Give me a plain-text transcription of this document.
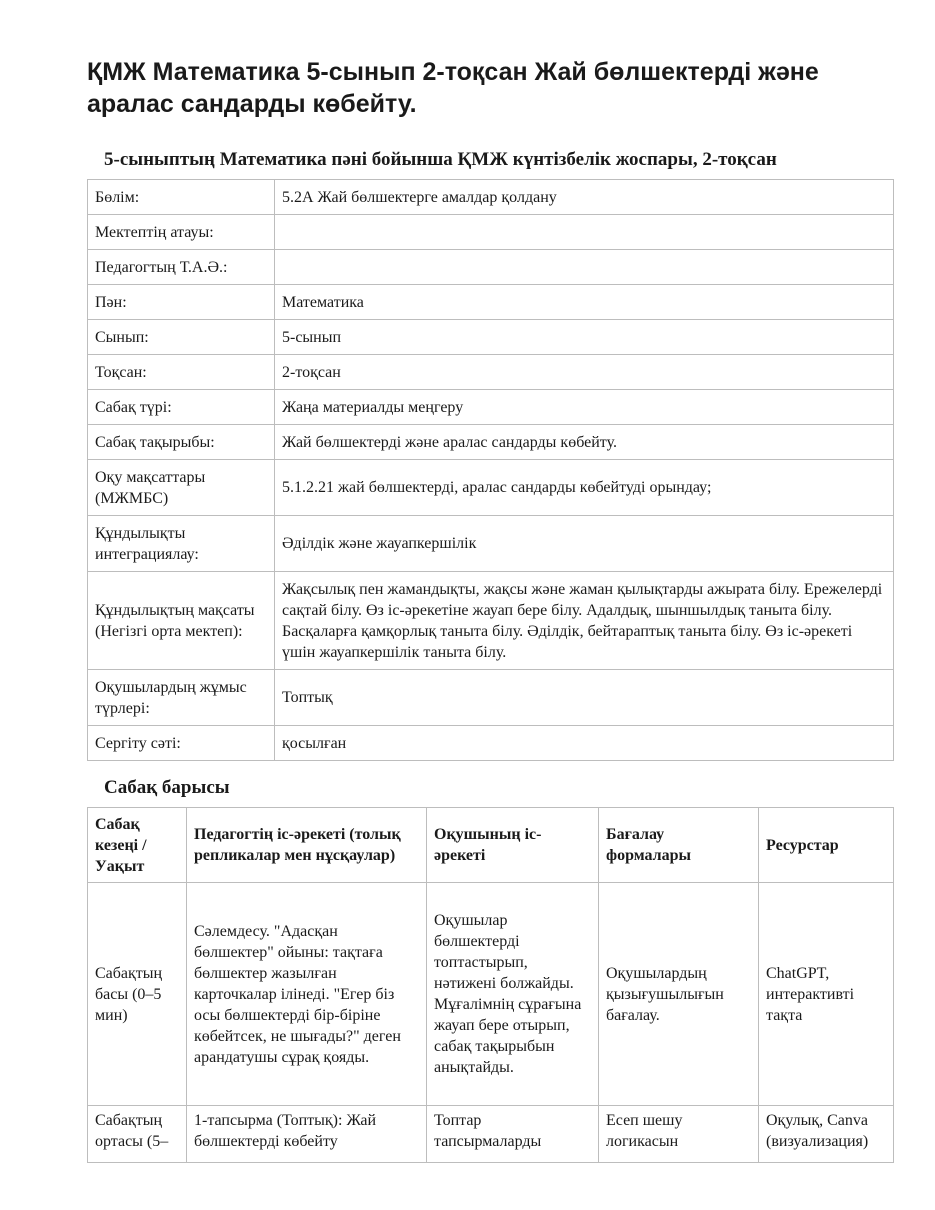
ҚМЖ Математика 5-сынып 2-тоқсан Жай бөлшектерді және аралас сандарды көбейту.
5-сыныптың Математика пәні бойынша ҚМЖ күнтізбелік жоспары, 2-тоқсан
Бөлім:	5.2А Жай бөлшектерге амалдар қолдану
Мектептің атауы:	
Педагогтың Т.А.Ә.:	
Пән:	Математика
Сынып:	5-сынып
Тоқсан:	2-тоқсан
Сабақ түрі:	Жаңа материалды меңгеру
Сабақ тақырыбы:	Жай бөлшектерді және аралас сандарды көбейту.
Оқу мақсаттары (МЖМБС)	5.1.2.21 жай бөлшектерді, аралас сандарды көбейтуді орындау;
Құндылықты интеграциялау:	Әділдік және жауапкершілік
Құндылықтың мақсаты (Негізгі орта мектеп):	Жақсылық пен жамандықты, жақсы және жаман қылықтарды ажырата білу. Ережелерді сақтай білу. Өз іс-әрекетіне жауап бере білу. Адалдық, шыншылдық таныта білу. Басқаларға қамқорлық таныта білу. Әділдік, бейтараптық таныта білу. Өз іс-әрекеті үшін жауапкершілік таныта білу.
Оқушылардың жұмыс түрлері:	Топтық
Сергіту сәті:	қосылған
Сабақ барысы
Сабақ кезеңі / Уақыт	Педагогтің іс-әрекеті (толық репликалар мен нұсқаулар)	Оқушының іс-әрекеті	Бағалау формалары	Ресурстар
Сабақтың басы (0–5 мин)	Сәлемдесу. "Адасқан бөлшектер" ойыны: тақтаға бөлшектер жазылған карточкалар ілінеді. "Егер біз осы бөлшектерді бір-біріне көбейтсек, не шығады?" деген арандатушы сұрақ қояды.	Оқушылар бөлшектерді топтастырып, нәтижені болжайды. Мұғалімнің сұрағына жауап бере отырып, сабақ тақырыбын анықтайды.	Оқушылардың қызығушылығын бағалау.	ChatGPT, интерактивті тақта
Сабақтың ортасы (5–	1-тапсырма (Топтық): Жай бөлшектерді көбейту	Топтар тапсырмаларды	Есеп шешу логикасын	Оқулық, Canva (визуализация)
